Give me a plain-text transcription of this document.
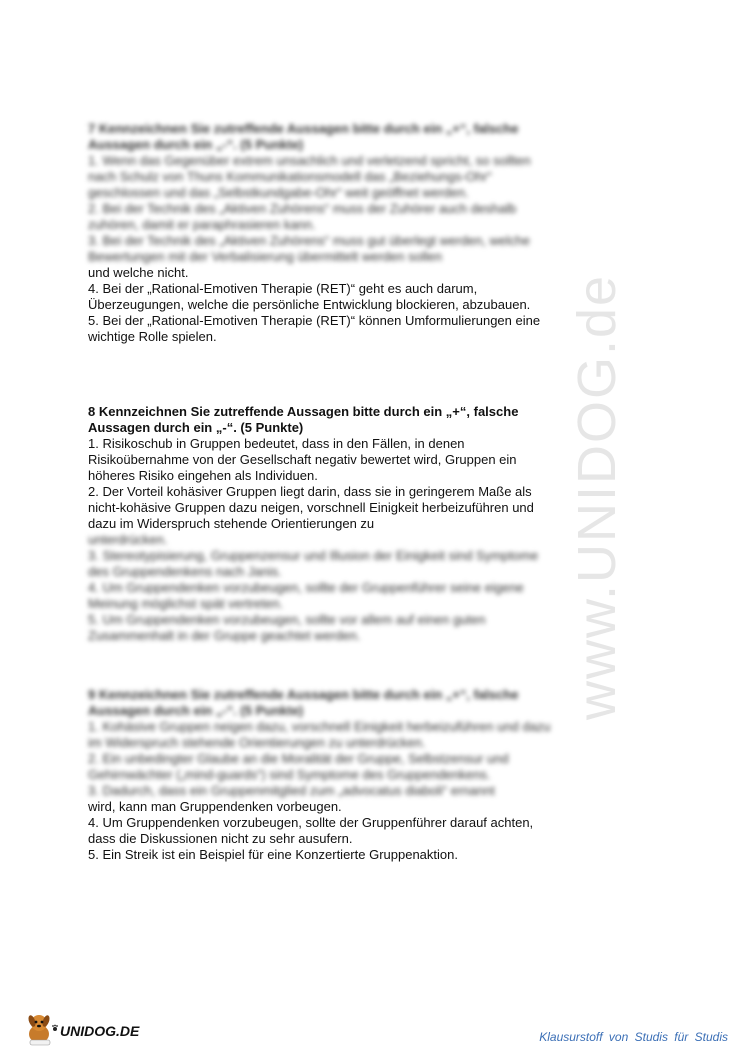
7 Kennzeichnen Sie zutreffende Aussagen bitte durch ein „+“, falsche Aussagen durch ein „-“. (5 Punkte)

1. Wenn das Gegenüber extrem unsachlich und verletzend spricht, so sollten nach Schulz von Thuns Kommunikationsmodell das „Beziehungs-Ohr“ geschlossen und das „Selbstkundgabe-Ohr“ weit geöffnet werden.

2. Bei der Technik des „Aktiven Zuhörens“ muss der Zuhörer auch deshalb zuhören, damit er paraphrasieren kann.

3. Bei der Technik des „Aktiven Zuhörens“ muss gut überlegt werden, welche Bewertungen mit der Verbalisierung übermittelt werden sollen

und welche nicht.

4. Bei der „Rational-Emotiven Therapie (RET)“ geht es auch darum, Überzeugungen, welche die persönliche Entwicklung blockieren, abzubauen.

5. Bei der „Rational-Emotiven Therapie (RET)“ können Umformulierungen eine wichtige Rolle spielen.

8 Kennzeichnen Sie zutreffende Aussagen bitte durch ein „+“, falsche Aussagen durch ein „-“. (5 Punkte)

1. Risikoschub in Gruppen bedeutet, dass in den Fällen, in denen Risikoübernahme von der Gesellschaft negativ bewertet wird, Gruppen ein höheres Risiko eingehen als Individuen.

2. Der Vorteil kohäsiver Gruppen liegt darin, dass sie in geringerem Maße als nicht-kohäsive Gruppen dazu neigen, vorschnell Einigkeit herbeizuführen und dazu im Widerspruch stehende Orientierungen zu

unterdrücken.

3. Stereotypisierung, Gruppenzensur und Illusion der Einigkeit sind Symptome des Gruppendenkens nach Janis.

4. Um Gruppendenken vorzubeugen, sollte der Gruppenführer seine eigene Meinung möglichst spät vertreten.

5. Um Gruppendenken vorzubeugen, sollte vor allem auf einen guten Zusammenhalt in der Gruppe geachtet werden.

9 Kennzeichnen Sie zutreffende Aussagen bitte durch ein „+“, falsche Aussagen durch ein „-“. (5 Punkte)

1. Kohäsive Gruppen neigen dazu, vorschnell Einigkeit herbeizuführen und dazu im Widerspruch stehende Orientierungen zu unterdrücken.

2. Ein unbedingter Glaube an die Moralität der Gruppe, Selbstzensur und Gehirnwächter („mind-guards“) sind Symptome des Gruppendenkens.

3. Dadurch, dass ein Gruppenmitglied zum „advocatus diaboli“ ernannt

wird, kann man Gruppendenken vorbeugen.

4. Um Gruppendenken vorzubeugen, sollte der Gruppenführer darauf achten, dass die Diskussionen nicht zu sehr ausufern.

5. Ein Streik ist ein Beispiel für eine Konzertierte Gruppenaktion.

www.UNIDOG.de
UNIDOG.DE	Klausurstoff von Studis für Studis
